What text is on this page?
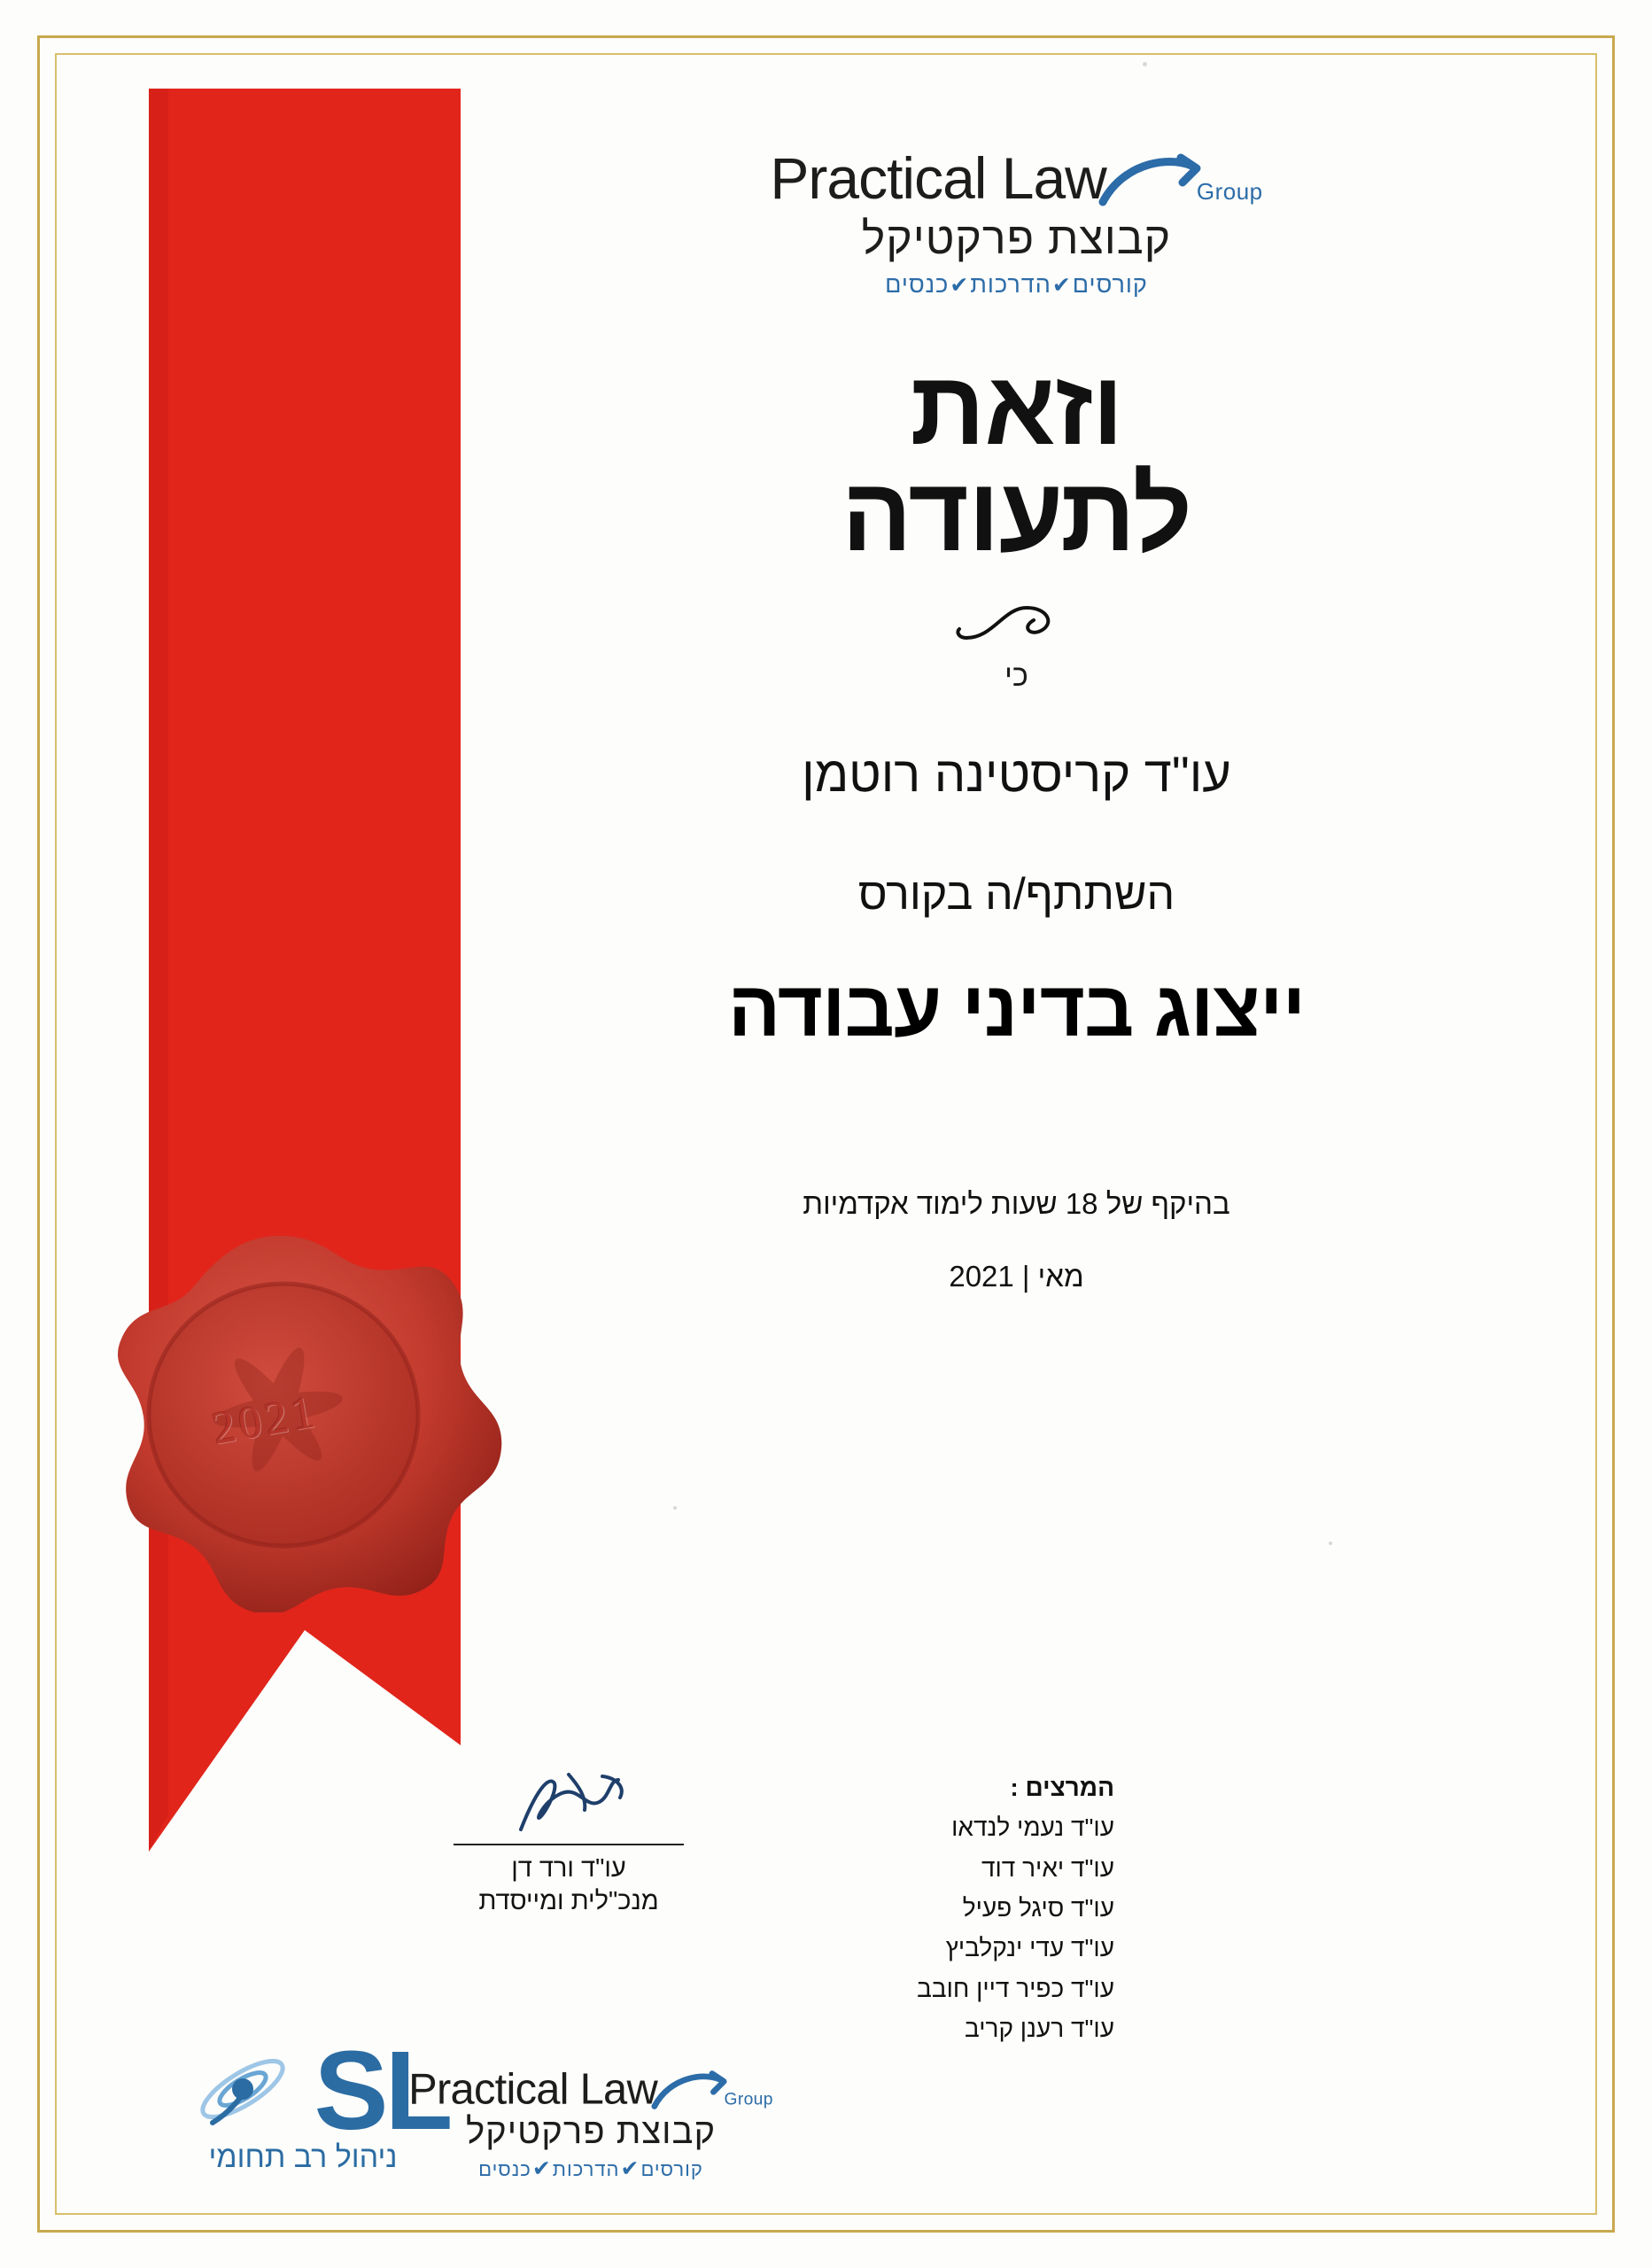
2021
Practical Law	Group
קבוצת פרקטיקל
קורסים✔הדרכות✔כנסים
וזאת
לתעודה
כי
עו"ד קריסטינה רוטמן
השתתף/ה בקורס
ייצוג בדיני עבודה
בהיקף של 18 שעות לימוד אקדמיות
מאי | 2021
המרצים :
עו"ד נעמי לנדאו
עו"ד יאיר דוד
עו"ד סיגל פעיל
עו"ד עדי ינקלביץ
עו"ד כפיר דיין חובב
עו"ד רענן קריב
עו"ד ורד דן
מנכ"לית ומייסדת
Practical Law	Group
קבוצת פרקטיקל
קורסים✔הדרכות✔כנסים
SL
ניהול רב תחומי
